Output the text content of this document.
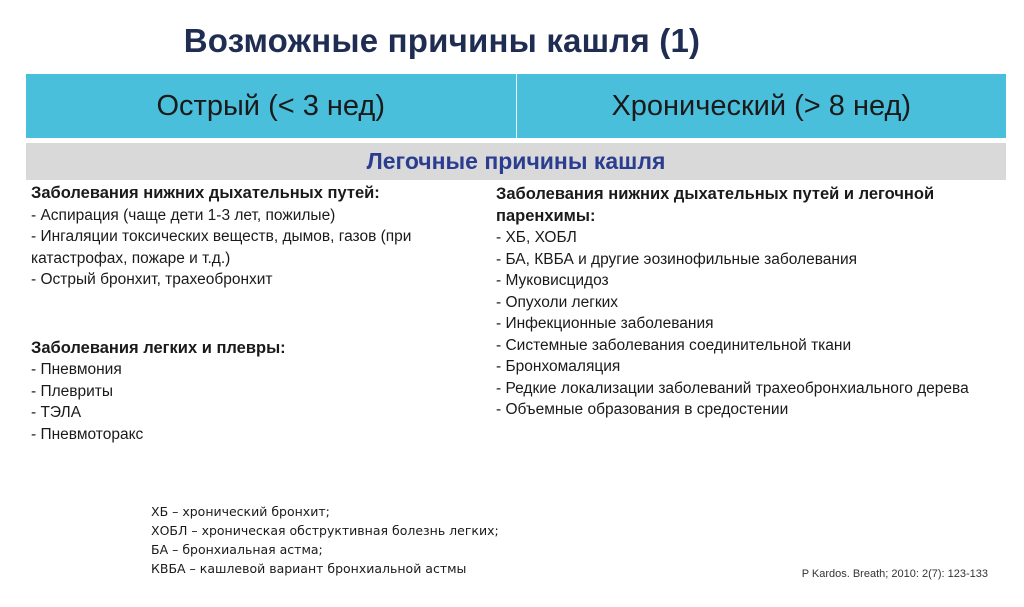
Возможные причины кашля (1)
Острый (< 3 нед)	Хронический (> 8 нед)
Легочные причины кашля
Заболевания нижних дыхательных путей:
- Аспирация (чаще дети 1-3 лет, пожилые)
- Ингаляции токсических веществ, дымов, газов (при катастрофах, пожаре и т.д.)
- Острый бронхит, трахеобронхит
Заболевания легких и плевры:
- Пневмония
- Плевриты
- ТЭЛА
- Пневмоторакс
Заболевания нижних дыхательных путей и легочной паренхимы:
- ХБ, ХОБЛ
- БА, КВБА и другие эозинофильные заболевания
- Муковисцидоз
- Опухоли легких
- Инфекционные заболевания
- Системные заболевания соединительной ткани
- Бронхомаляция
- Редкие локализации заболеваний трахеобронхиального дерева
- Объемные образования в средостении
ХБ – хронический бронхит;
ХОБЛ – хроническая обструктивная болезнь легких;
БА – бронхиальная астма;
КВБА – кашлевой вариант бронхиальной астмы	P Kardos. Breath; 2010: 2(7): 123-133
